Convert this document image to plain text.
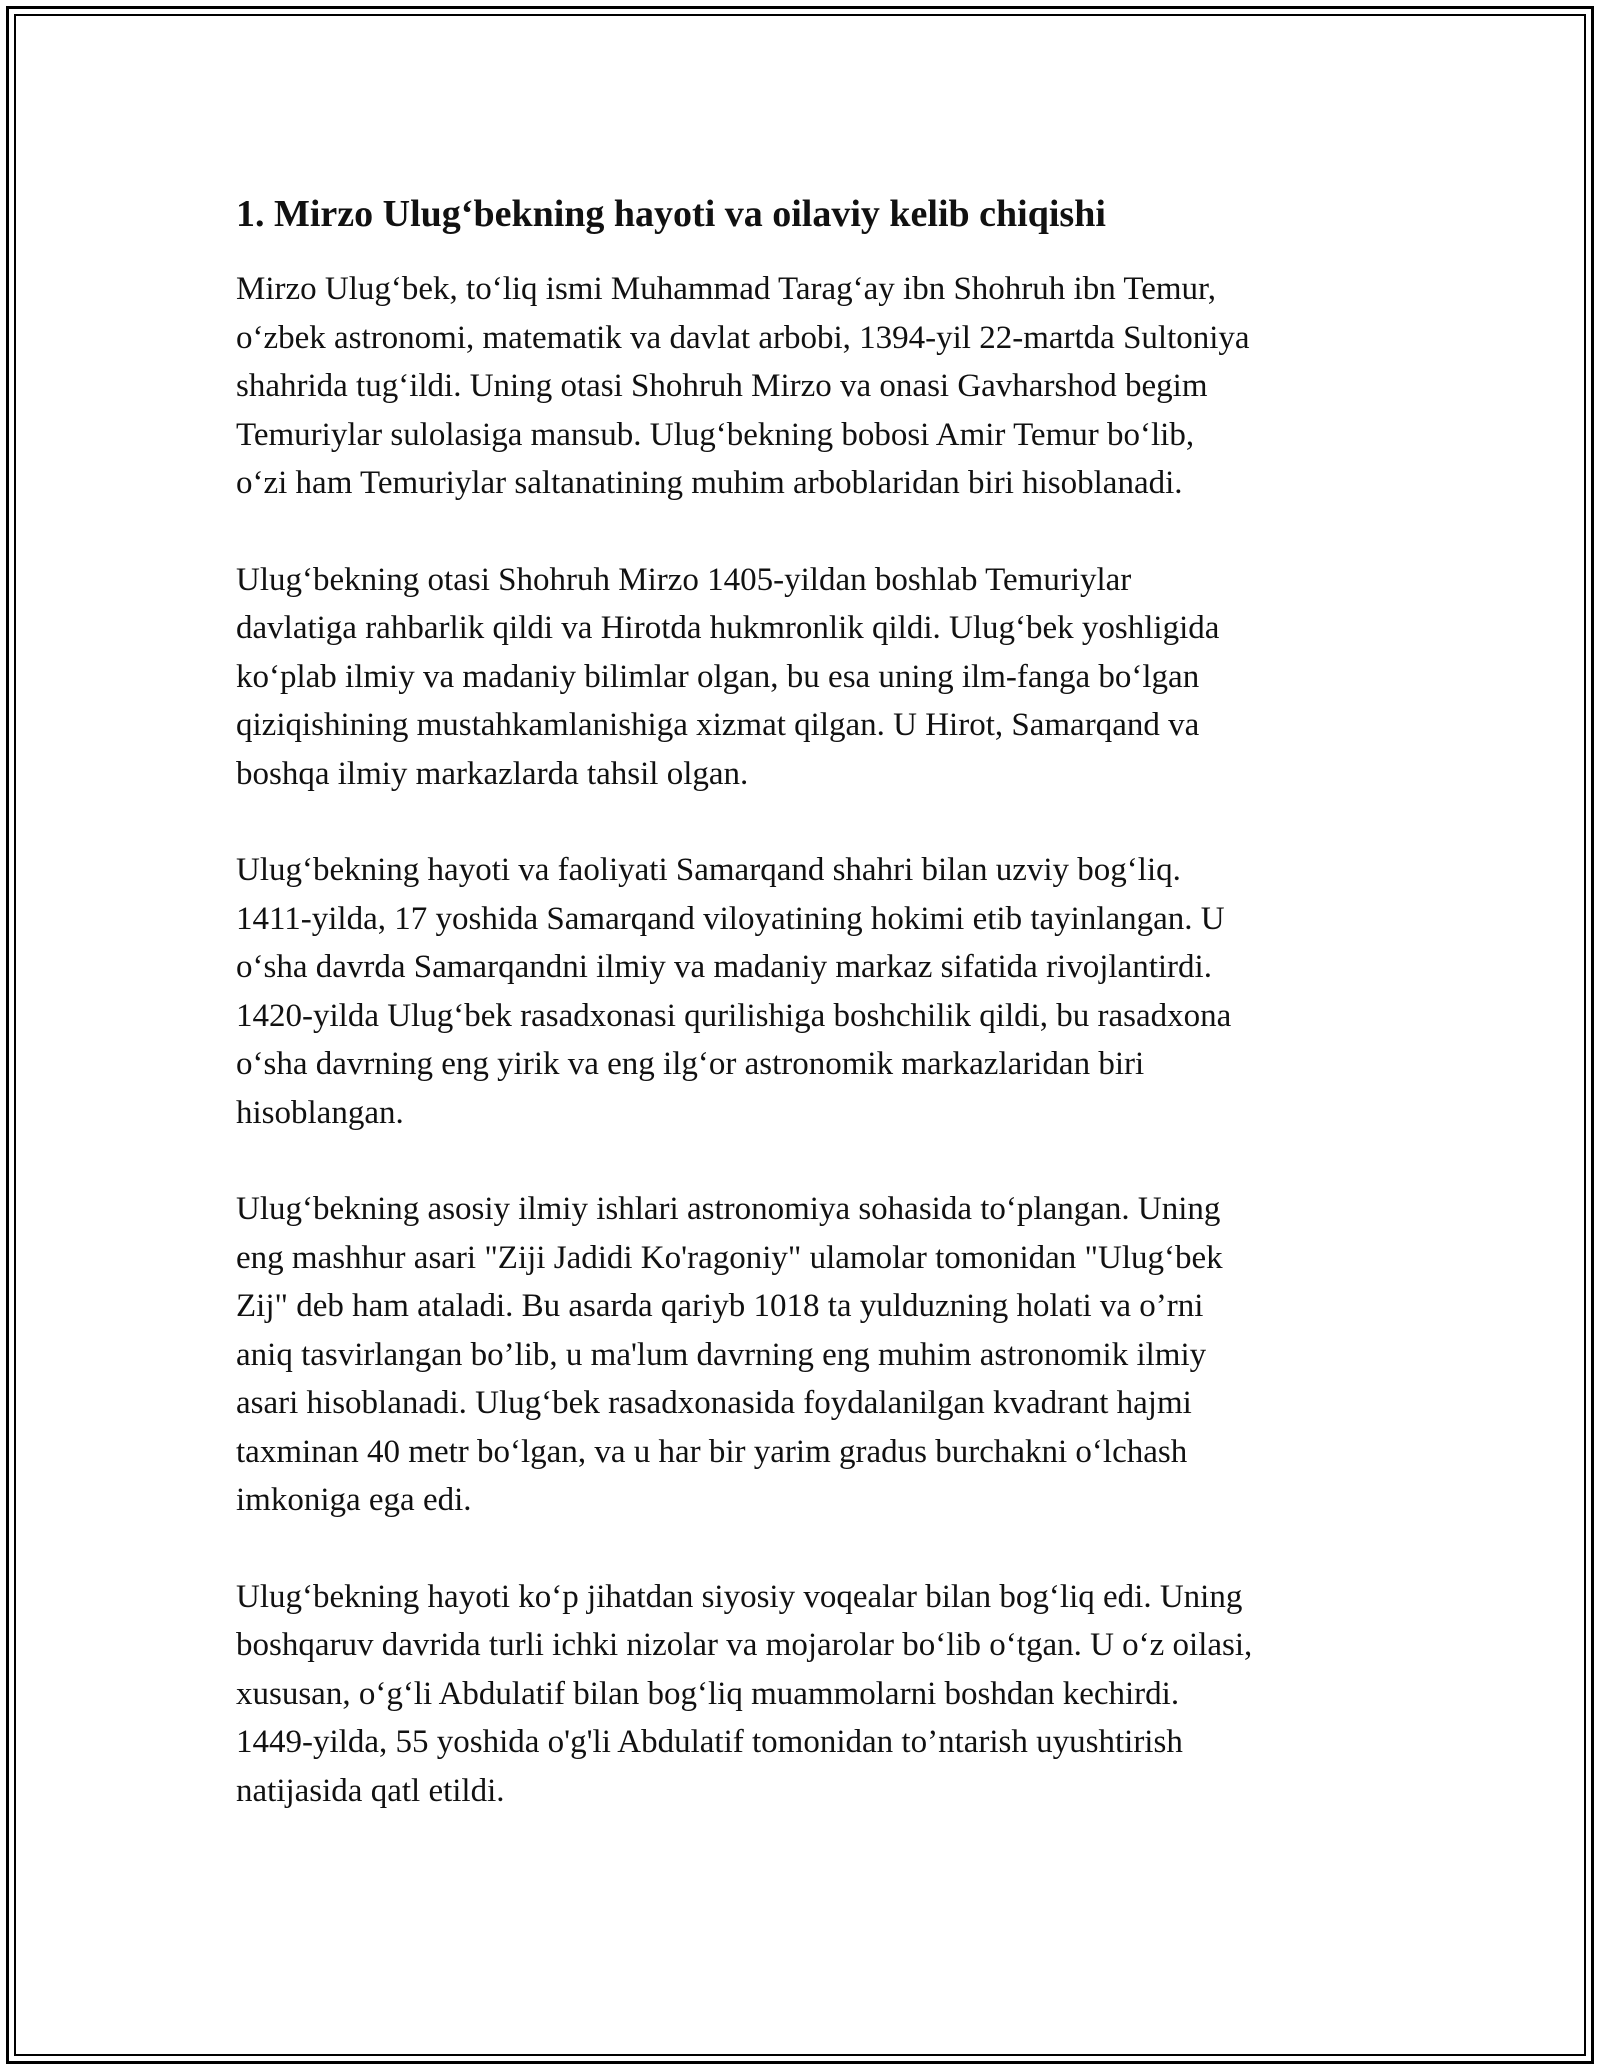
1. Mirzo Ulug‘bekning hayoti va oilaviy kelib chiqishi

Mirzo Ulug‘bek, to‘liq ismi Muhammad Tarag‘ay ibn Shohruh ibn Temur,
o‘zbek astronomi, matematik va davlat arbobi, 1394-yil 22-martda Sultoniya
shahrida tug‘ildi. Uning otasi Shohruh Mirzo va onasi Gavharshod begim
Temuriylar sulolasiga mansub. Ulug‘bekning bobosi Amir Temur bo‘lib,
o‘zi ham Temuriylar saltanatining muhim arboblaridan biri hisoblanadi.

Ulug‘bekning otasi Shohruh Mirzo 1405-yildan boshlab Temuriylar
davlatiga rahbarlik qildi va Hirotda hukmronlik qildi. Ulug‘bek yoshligida
ko‘plab ilmiy va madaniy bilimlar olgan, bu esa uning ilm-fanga bo‘lgan
qiziqishining mustahkamlanishiga xizmat qilgan. U Hirot, Samarqand va
boshqa ilmiy markazlarda tahsil olgan.

Ulug‘bekning hayoti va faoliyati Samarqand shahri bilan uzviy bog‘liq.
1411-yilda, 17 yoshida Samarqand viloyatining hokimi etib tayinlangan. U
o‘sha davrda Samarqandni ilmiy va madaniy markaz sifatida rivojlantirdi.
1420-yilda Ulug‘bek rasadxonasi qurilishiga boshchilik qildi, bu rasadxona
o‘sha davrning eng yirik va eng ilg‘or astronomik markazlaridan biri
hisoblangan.

Ulug‘bekning asosiy ilmiy ishlari astronomiya sohasida to‘plangan. Uning
eng mashhur asari "Ziji Jadidi Ko'ragoniy" ulamolar tomonidan "Ulug‘bek
Zij" deb ham ataladi. Bu asarda qariyb 1018 ta yulduzning holati va o’rni
aniq tasvirlangan bo’lib, u ma'lum davrning eng muhim astronomik ilmiy
asari hisoblanadi. Ulug‘bek rasadxonasida foydalanilgan kvadrant hajmi
taxminan 40 metr bo‘lgan, va u har bir yarim gradus burchakni o‘lchash
imkoniga ega edi.

Ulug‘bekning hayoti ko‘p jihatdan siyosiy voqealar bilan bog‘liq edi. Uning
boshqaruv davrida turli ichki nizolar va mojarolar bo‘lib o‘tgan. U o‘z oilasi,
xususan, o‘g‘li Abdulatif bilan bog‘liq muammolarni boshdan kechirdi.
1449-yilda, 55 yoshida o'g'li Abdulatif tomonidan to’ntarish uyushtirish
natijasida qatl etildi.
